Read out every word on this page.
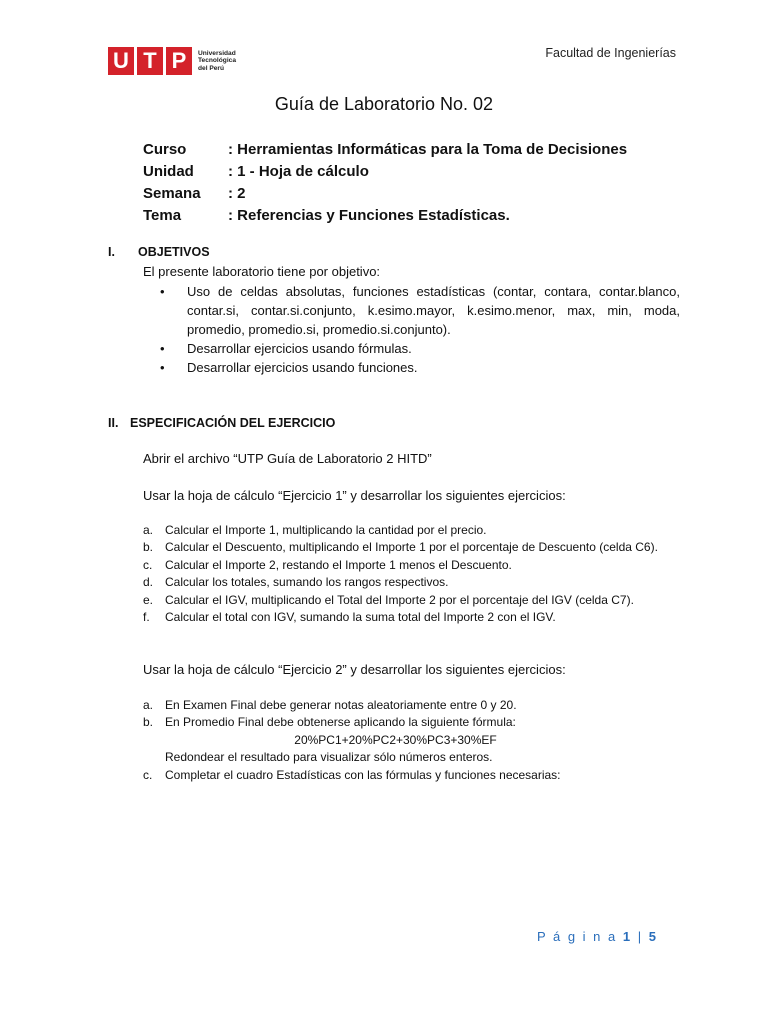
U T P	Universidad
Tecnológica
del Perú
Facultad de Ingenierías
Guía de Laboratorio No. 02
Curso	: Herramientas Informáticas para la Toma de Decisiones
Unidad	: 1 - Hoja de cálculo
Semana	: 2
Tema	: Referencias y Funciones Estadísticas.
I. OBJETIVOS
El presente laboratorio tiene por objetivo:
•	Uso de celdas absolutas, funciones estadísticas (contar, contara, contar.blanco, contar.si, contar.si.conjunto, k.esimo.mayor, k.esimo.menor, max, min, moda, promedio, promedio.si, promedio.si.conjunto).
•	Desarrollar ejercicios usando fórmulas.
•	Desarrollar ejercicios usando funciones.
II. ESPECIFICACIÓN DEL EJERCICIO
Abrir el archivo “UTP Guía de Laboratorio 2 HITD”
Usar la hoja de cálculo “Ejercicio 1” y desarrollar los siguientes ejercicios:
a. Calcular el Importe 1, multiplicando la cantidad por el precio.
b. Calcular el Descuento, multiplicando el Importe 1 por el porcentaje de Descuento (celda C6).
c.	Calcular el Importe 2, restando el Importe 1 menos el Descuento.
d. Calcular los totales, sumando los rangos respectivos.
e. Calcular el IGV, multiplicando el Total del Importe 2 por el porcentaje del IGV (celda C7).
f.	Calcular el total con IGV, sumando la suma total del Importe 2 con el IGV.
Usar la hoja de cálculo “Ejercicio 2” y desarrollar los siguientes ejercicios:
a. En Examen Final debe generar notas aleatoriamente entre 0 y 20.
b. En Promedio Final debe obtenerse aplicando la siguiente fórmula:
20%PC1+20%PC2+30%PC3+30%EF
Redondear el resultado para visualizar sólo números enteros.
c.	Completar el cuadro Estadísticas con las fórmulas y funciones necesarias:
P á g i n a 1 | 5
